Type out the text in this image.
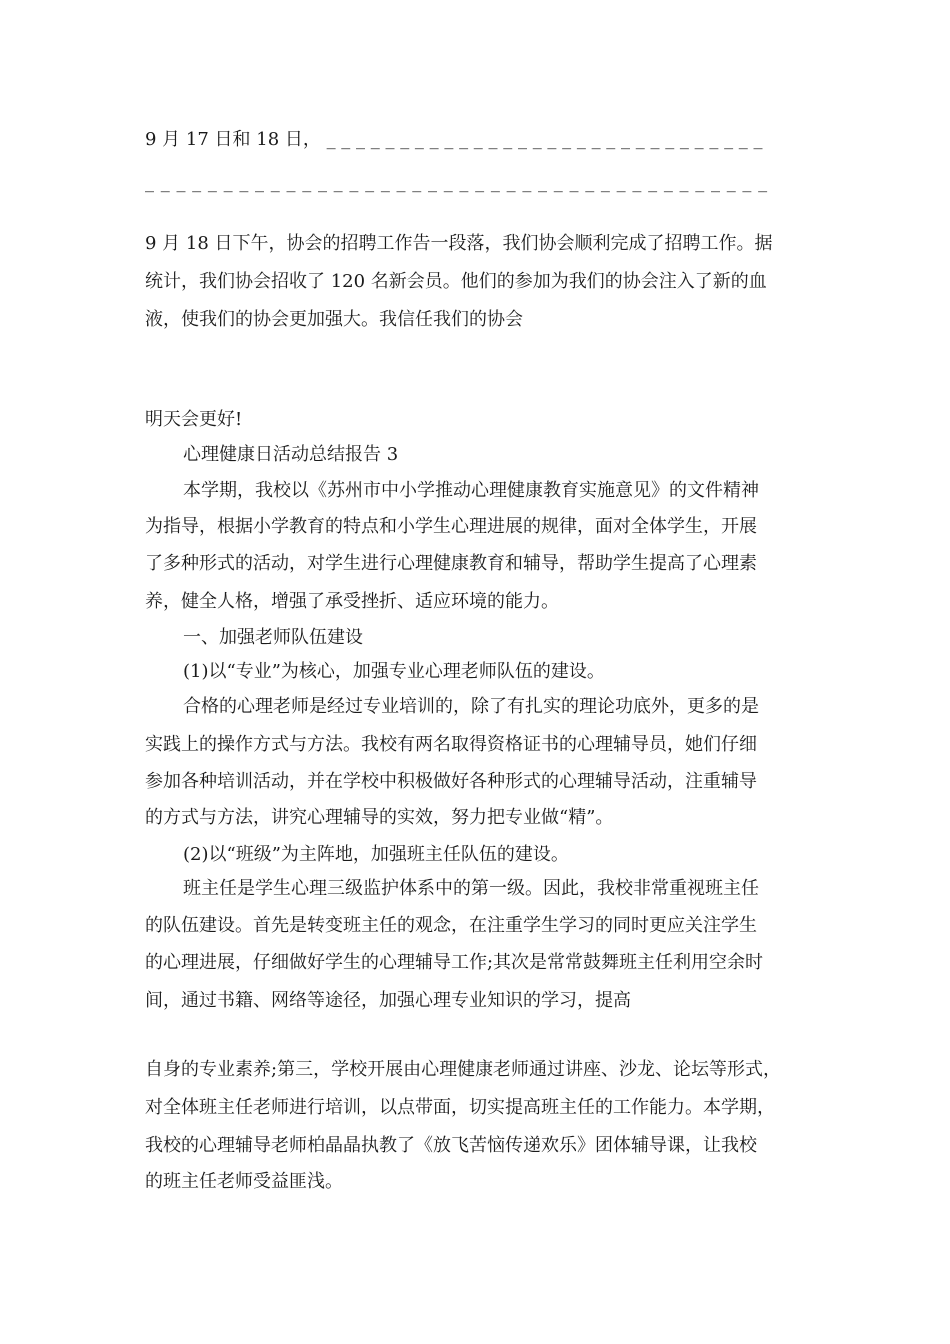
9 月 17 日和 18 日， _ _ _ _ _ _ _ _ _ _ _ _ _ _ _ _ _ _ _ _ _ _ _ _ _ _ _ _ _ _
_ _ _ _ _ _ _ _ _ _ _ _ _ _ _ _ _ _ _ _ _ _ _ _ _ _ _ _ _ _ _ _ _ _ _ _ _ _ _ _
9 月 18 日下午，协会的招聘工作告一段落，我们协会顺利完成了招聘工作。据
统计，我们协会招收了 120 名新会员。他们的参加为我们的协会注入了新的血
液，使我们的协会更加强大。我信任我们的协会
明天会更好!
心理健康日活动总结报告 3
本学期，我校以《苏州市中小学推动心理健康教育实施意见》的文件精神
为指导，根据小学教育的特点和小学生心理进展的规律，面对全体学生，开展
了多种形式的活动，对学生进行心理健康教育和辅导，帮助学生提高了心理素
养，健全人格，增强了承受挫折、适应环境的能力。
一、加强老师队伍建设
(1)以“专业”为核心，加强专业心理老师队伍的建设。
合格的心理老师是经过专业培训的，除了有扎实的理论功底外，更多的是
实践上的操作方式与方法。我校有两名取得资格证书的心理辅导员，她们仔细
参加各种培训活动，并在学校中积极做好各种形式的心理辅导活动，注重辅导
的方式与方法，讲究心理辅导的实效，努力把专业做“精”。
(2)以“班级”为主阵地，加强班主任队伍的建设。
班主任是学生心理三级监护体系中的第一级。因此，我校非常重视班主任
的队伍建设。首先是转变班主任的观念，在注重学生学习的同时更应关注学生
的心理进展，仔细做好学生的心理辅导工作;其次是常常鼓舞班主任利用空余时
间，通过书籍、网络等途径，加强心理专业知识的学习，提高
自身的专业素养;第三，学校开展由心理健康老师通过讲座、沙龙、论坛等形式，
对全体班主任老师进行培训，以点带面，切实提高班主任的工作能力。本学期，
我校的心理辅导老师柏晶晶执教了《放飞苦恼传递欢乐》团体辅导课，让我校
的班主任老师受益匪浅。
